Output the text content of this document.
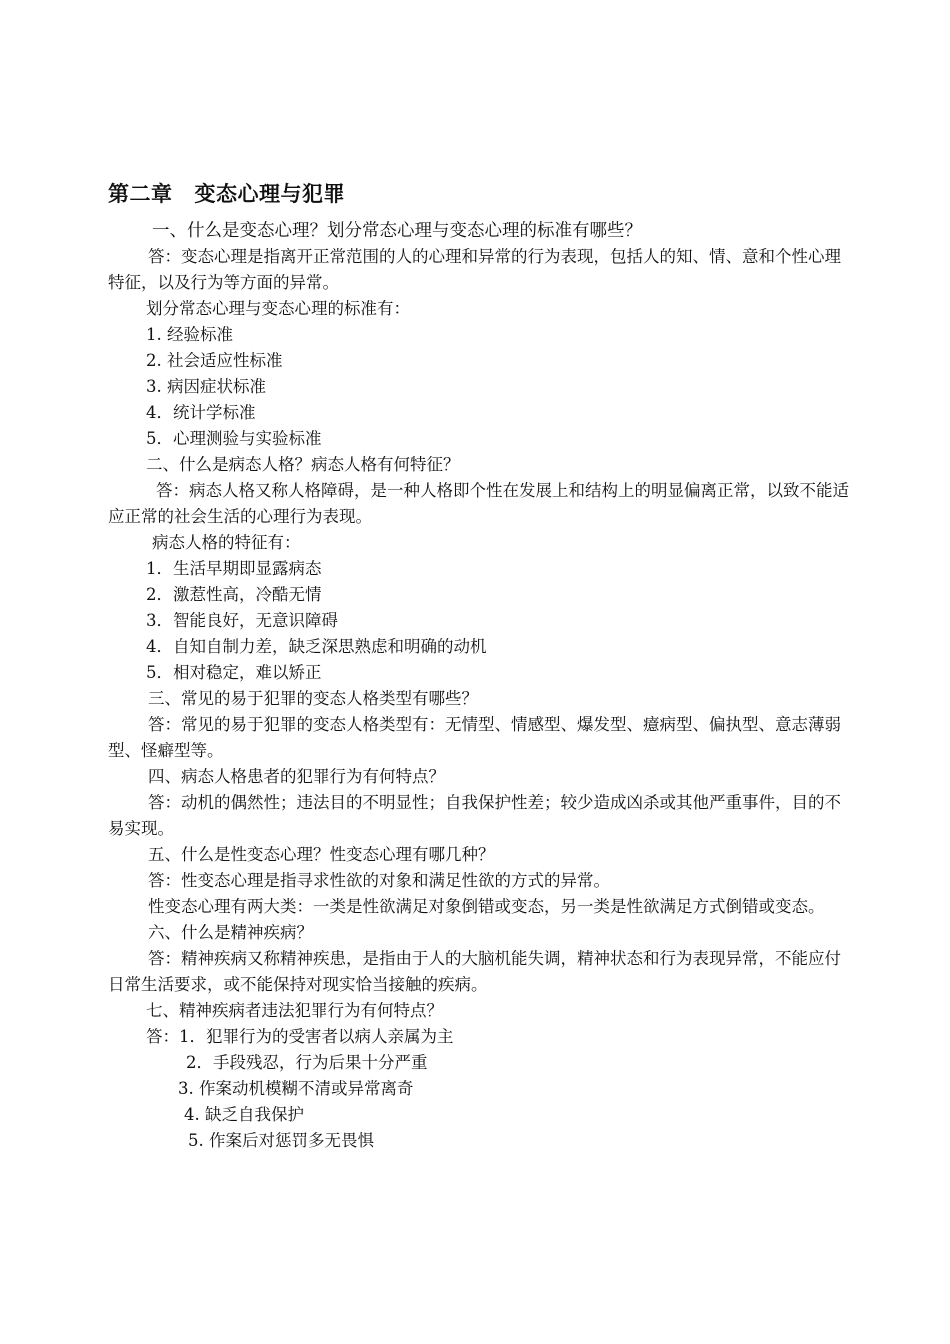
第二章 变态心理与犯罪

一、什么是变态心理？划分常态心理与变态心理的标准有哪些？

答：变态心理是指离开正常范围的人的心理和异常的行为表现，包括人的知、情、意和个性心理特征，以及行为等方面的异常。

划分常态心理与变态心理的标准有：

1. 经验标准

2. 社会适应性标准

3. 病因症状标准

4．统计学标准

5．心理测验与实验标准

二、什么是病态人格？病态人格有何特征？

答：病态人格又称人格障碍，是一种人格即个性在发展上和结构上的明显偏离正常，以致不能适应正常的社会生活的心理行为表现。

病态人格的特征有：

1．生活早期即显露病态

2．激惹性高，冷酷无情

3．智能良好，无意识障碍

4．自知自制力差，缺乏深思熟虑和明确的动机

5．相对稳定，难以矫正

三、常见的易于犯罪的变态人格类型有哪些？

答：常见的易于犯罪的变态人格类型有：无情型、情感型、爆发型、癔病型、偏执型、意志薄弱型、怪癖型等。

四、病态人格患者的犯罪行为有何特点？

答：动机的偶然性；违法目的不明显性；自我保护性差；较少造成凶杀或其他严重事件，目的不易实现。

五、什么是性变态心理？性变态心理有哪几种？

答：性变态心理是指寻求性欲的对象和满足性欲的方式的异常。

性变态心理有两大类：一类是性欲满足对象倒错或变态，另一类是性欲满足方式倒错或变态。

六、什么是精神疾病？

答：精神疾病又称精神疾患，是指由于人的大脑机能失调，精神状态和行为表现异常，不能应付日常生活要求，或不能保持对现实恰当接触的疾病。

七、精神疾病者违法犯罪行为有何特点？

答：1．犯罪行为的受害者以病人亲属为主

2．手段残忍，行为后果十分严重

3. 作案动机模糊不清或异常离奇

4. 缺乏自我保护

5. 作案后对惩罚多无畏惧
